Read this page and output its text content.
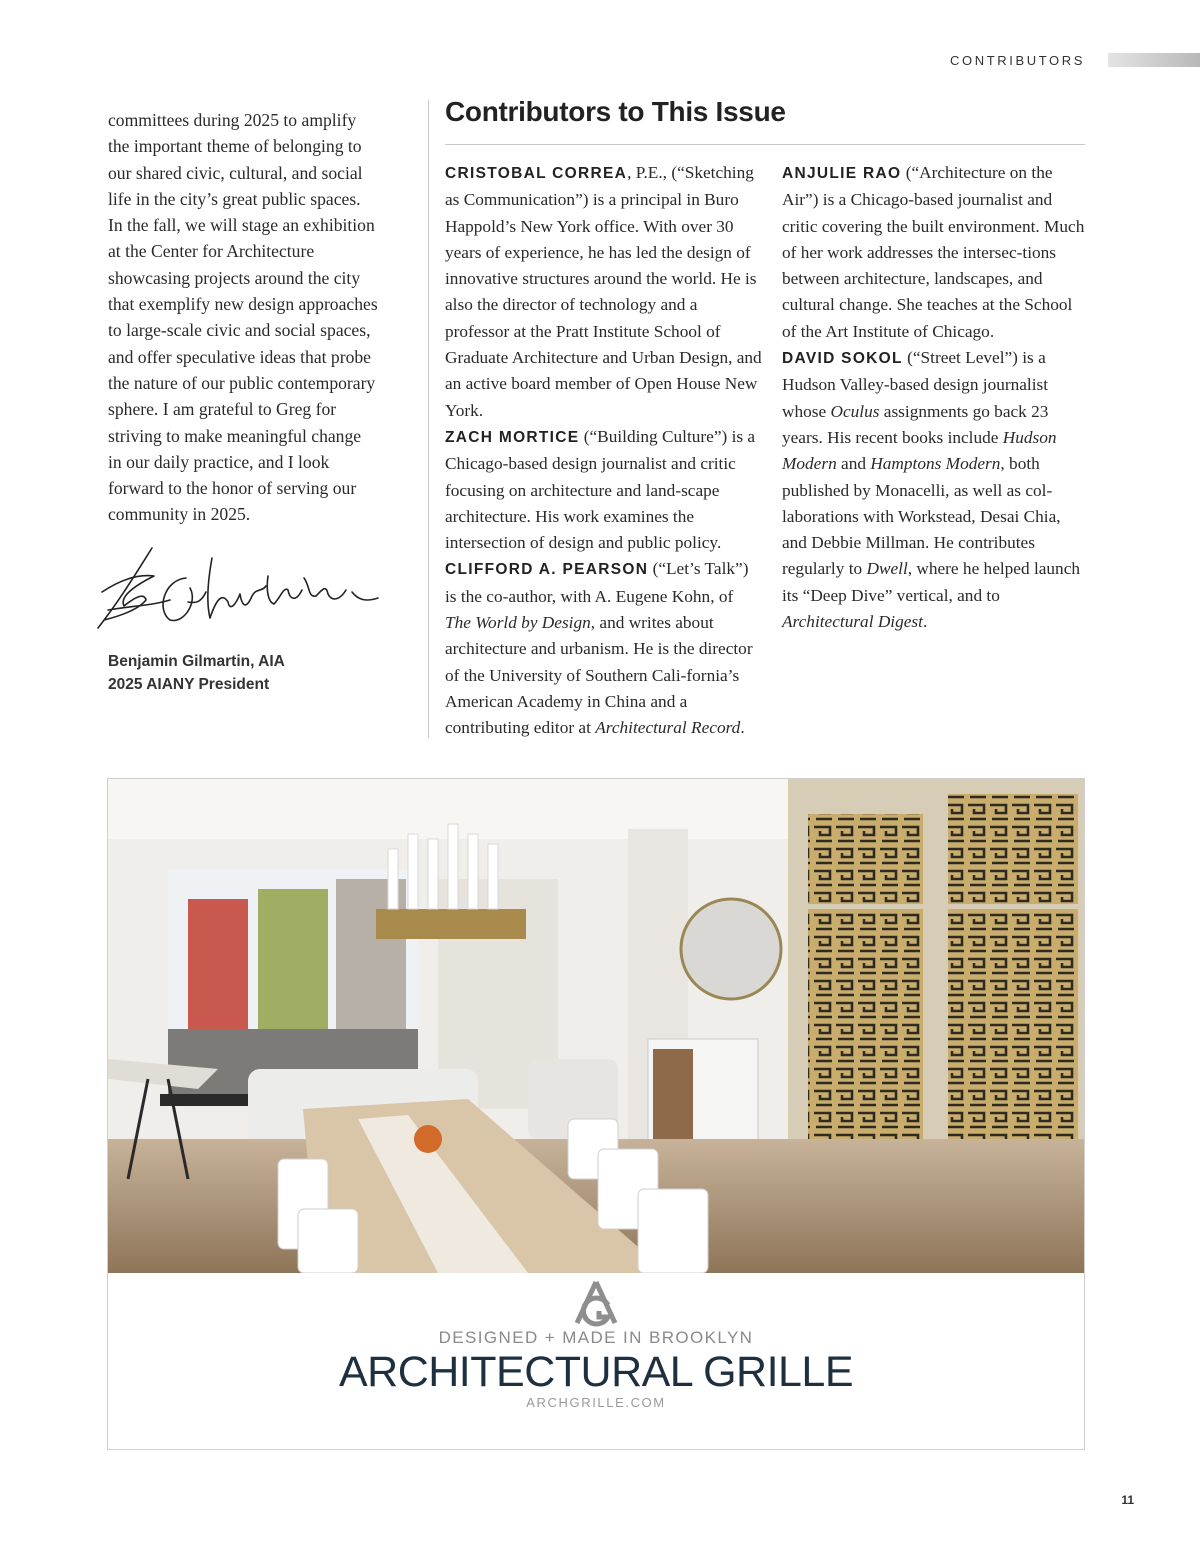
CONTRIBUTORS

committees during 2025 to amplify

the important theme of belonging to

our shared civic, cultural, and social

life in the city’s great public spaces.

In the fall, we will stage an exhibition

at the Center for Architecture

showcasing projects around the city

that exemplify new design approaches

to large-scale civic and social spaces,

and offer speculative ideas that probe

the nature of our public contemporary

sphere. I am grateful to Greg for

striving to make meaningful change

in our daily practice, and I look

forward to the honor of serving our

community in 2025.

Benjamin Gilmartin, AIA
2025 AIANY President
Contributors to This Issue

CRISTOBAL CORREA, P.E., (“Sketching as Communication”) is a principal in Buro Happold’s New York office. With over 30 years of experience, he has led the design of innovative structures around the world. He is also the director of technology and a professor at the Pratt Institute School of Graduate Architecture and Urban Design, and an active board member of Open House New York.

ZACH MORTICE (“Building Culture”) is a Chicago-based design journalist and critic focusing on architecture and land-scape architecture. His work examines the intersection of design and public policy.

CLIFFORD A. PEARSON (“Let’s Talk”) is the co-author, with A. Eugene Kohn, of The World by Design, and writes about architecture and urbanism. He is the director of the University of Southern Cali-fornia’s American Academy in China and a contributing editor at Architectural Record.

ANJULIE RAO (“Architecture on the Air”) is a Chicago-based journalist and critic covering the built environment. Much of her work addresses the intersec-tions between architecture, landscapes, and cultural change. She teaches at the School of the Art Institute of Chicago.

DAVID SOKOL (“Street Level”) is a Hudson Valley-based design journalist whose Oculus assignments go back 23 years. His recent books include Hudson Modern and Hamptons Modern, both published by Monacelli, as well as col-laborations with Workstead, Desai Chia, and Debbie Millman. He contributes regularly to Dwell, where he helped launch its “Deep Dive” vertical, and to Architectural Digest.

DESIGNED + MADE IN BROOKLYN
ARCHITECTURAL GRILLE
ARCHGRILLE.COM
11
